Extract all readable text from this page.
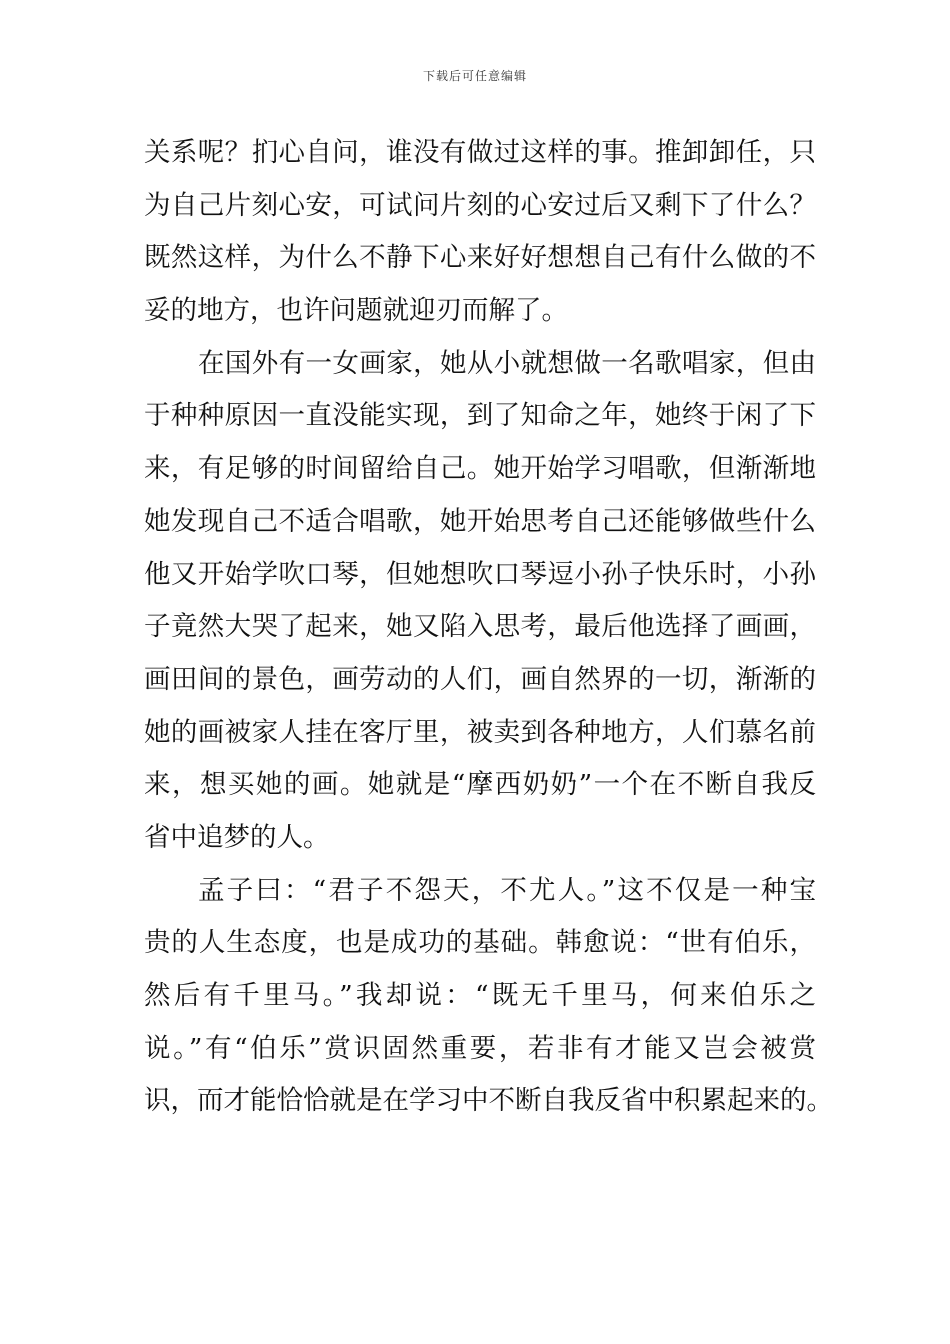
下载后可任意编辑
关系呢？扪心自问，谁没有做过这样的事。推卸卸任，只
为自己片刻心安，可试问片刻的心安过后又剩下了什么？
既然这样，为什么不静下心来好好想想自己有什么做的不
妥的地方，也许问题就迎刃而解了。
在国外有一女画家，她从小就想做一名歌唱家，但由
于种种原因一直没能实现，到了知命之年，她终于闲了下
来，有足够的时间留给自己。她开始学习唱歌，但渐渐地
她发现自己不适合唱歌，她开始思考自己还能够做些什么
他又开始学吹口琴，但她想吹口琴逗小孙子快乐时，小孙
子竟然大哭了起来，她又陷入思考，最后他选择了画画，
画田间的景色，画劳动的人们，画自然界的一切，渐渐的
她的画被家人挂在客厅里，被卖到各种地方，人们慕名前
来，想买她的画。她就是“摩西奶奶”一个在不断自我反
省中追梦的人。
孟子曰：“君子不怨天，不尤人。”这不仅是一种宝
贵的人生态度，也是成功的基础。韩愈说：“世有伯乐，
然后有千里马。”我却说：“既无千里马，何来伯乐之
说。”有“伯乐”赏识固然重要，若非有才能又岂会被赏
识，而才能恰恰就是在学习中不断自我反省中积累起来的。
